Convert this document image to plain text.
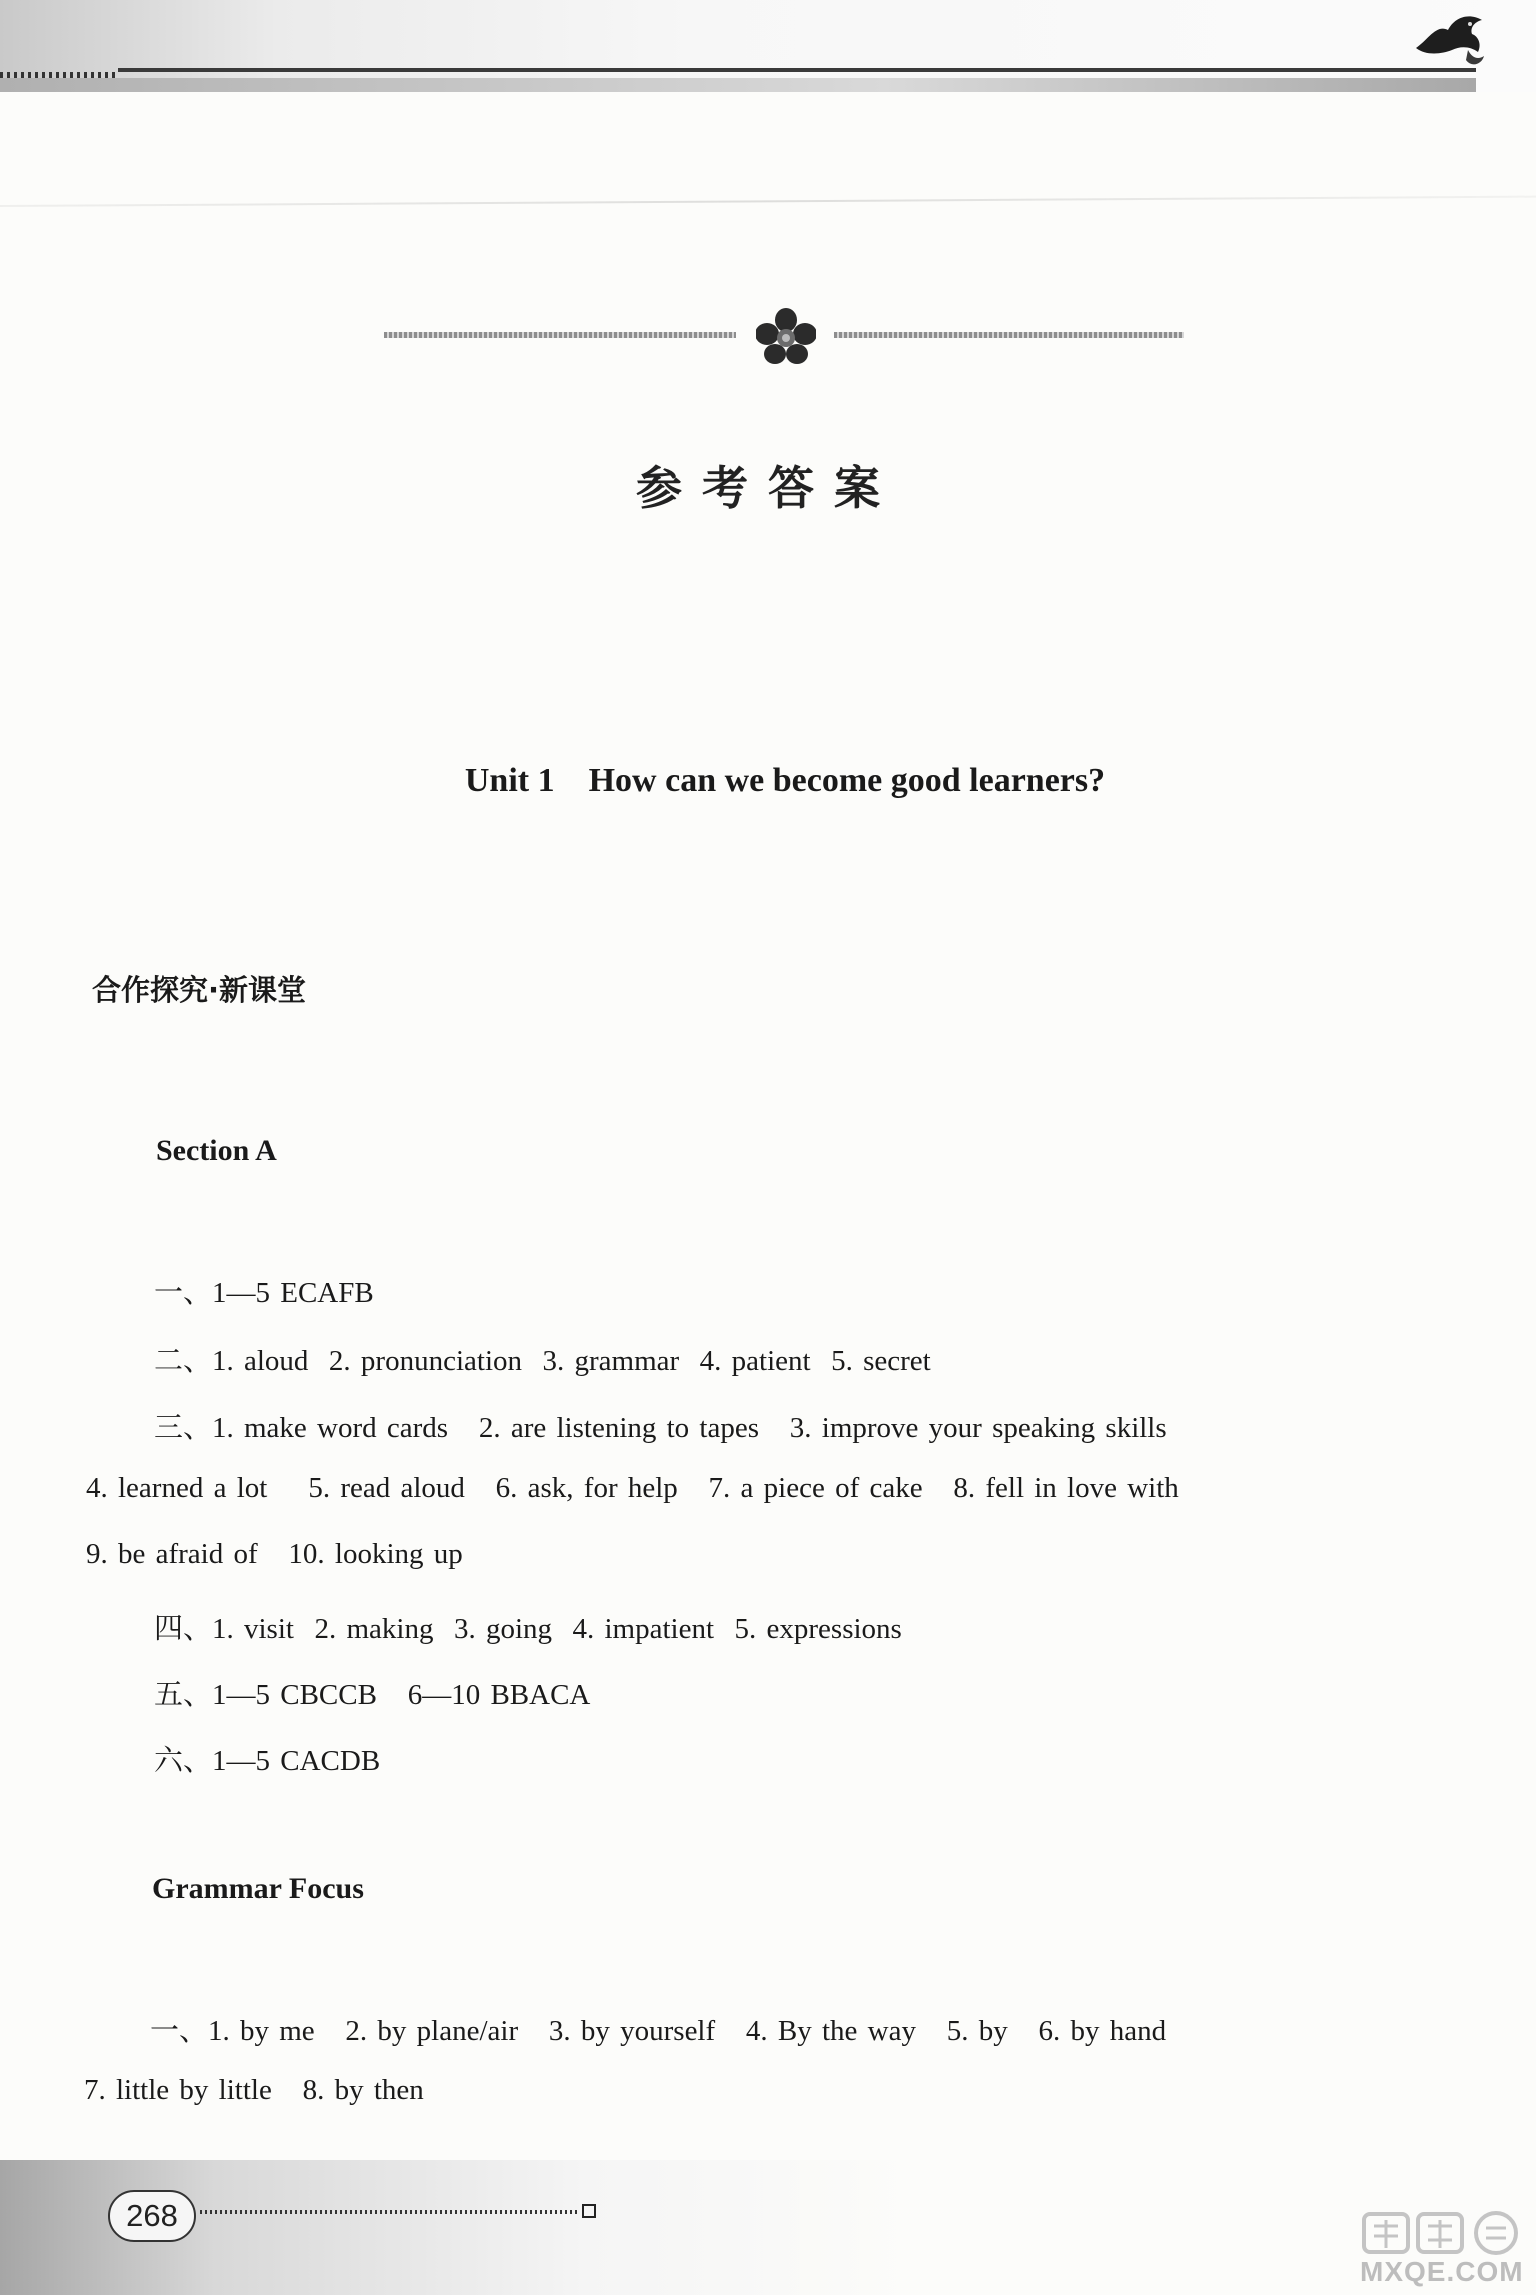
参考答案
Unit 1 How can we become good learners?
合作探究·新课堂
Section A
一、1—5 ECAFB
二、1. aloud  2. pronunciation  3. grammar  4. patient  5. secret
三、1. make word cards   2. are listening to tapes   3. improve your speaking skills
4. learned a lot    5. read aloud   6. ask, for help   7. a piece of cake   8. fell in love with
9. be afraid of   10. looking up
四、1. visit  2. making  3. going  4. impatient  5. expressions
五、1—5 CBCCB   6—10 BBACA
六、1—5 CACDB
Grammar Focus
一、1. by me   2. by plane/air   3. by yourself   4. By the way   5. by   6. by hand
7. little by little   8. by then
268
MXQE.COM
